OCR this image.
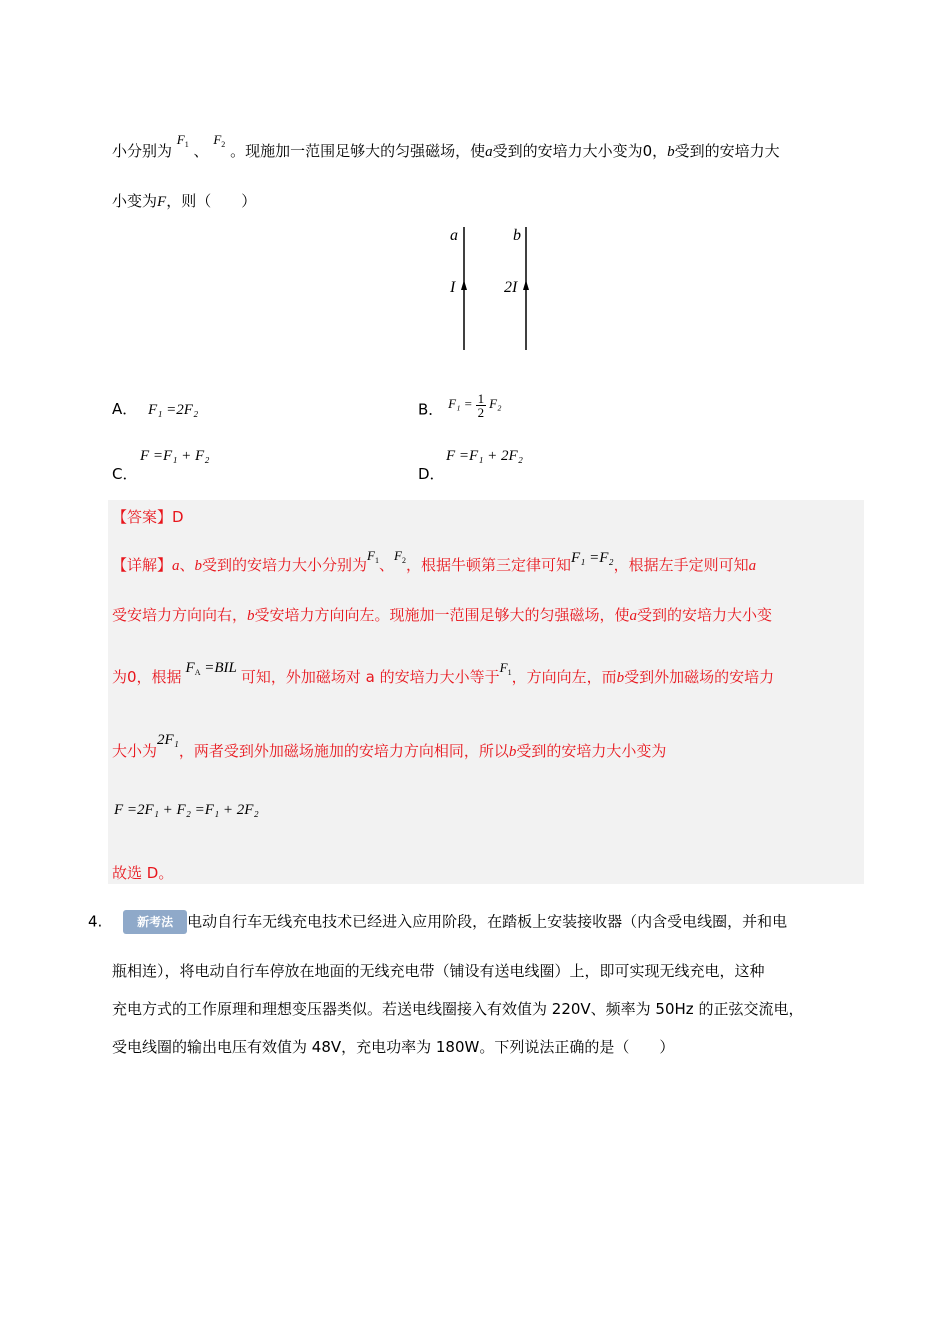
小分别为 $F_1$ 、 $F_2$ 。现施加一范围足够大的匀强磁场，使a受到的安培力大小变为0，b受到的安培力大
小变为F，则（　　）
a	b
I	2I
A． F₁ =2F₂	B． $F_1 = \frac{1}{2} F_2$
F =F₁ + F₂
C．
F =F₁ + 2F₂
D．
【答案】D
【详解】a、b受到的安培力大小分别为$F_1$、$F_2$，根据牛顿第三定律可知F₁ =F₂，根据左手定则可知a
受安培力方向向右，b受安培力方向向左。现施加一范围足够大的匀强磁场，使a受到的安培力大小变
为0，根据 $F_A =BIL$ 可知，外加磁场对 a 的安培力大小等于$F_1$，方向向左，而b受到外加磁场的安培力
大小为2F₁，两者受到外加磁场施加的安培力方向相同，所以b受到的安培力大小变为
F =2F₁ + F₂ =F₁ + 2F₂
故选 D。
4.	新考法 电动自行车无线充电技术已经进入应用阶段，在踏板上安装接收器（内含受电线圈，并和电
瓶相连），将电动自行车停放在地面的无线充电带（铺设有送电线圈）上，即可实现无线充电，这种
充电方式的工作原理和理想变压器类似。若送电线圈接入有效值为 220V、频率为 50Hz 的正弦交流电，
受电线圈的输出电压有效值为 48V，充电功率为 180W。下列说法正确的是（　　）
